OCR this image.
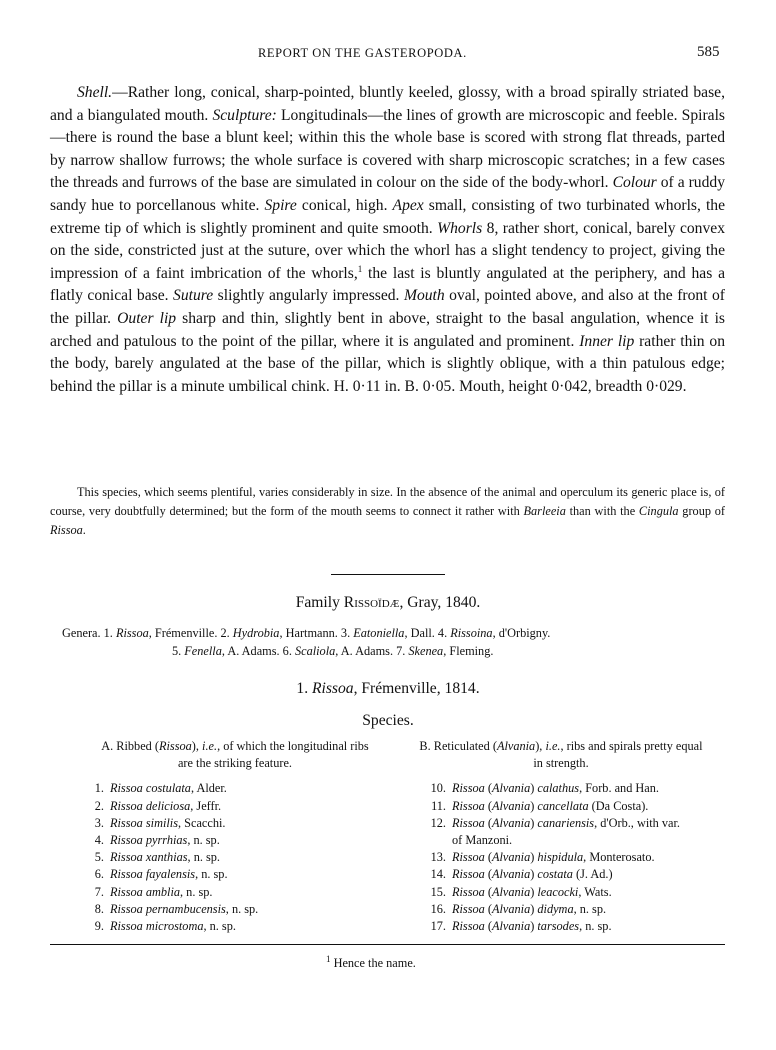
REPORT ON THE GASTEROPODA.	585

Shell.—Rather long, conical, sharp-pointed, bluntly keeled, glossy, with a broad spirally striated base, and a biangulated mouth. Sculpture: Longitudinals—the lines of growth are microscopic and feeble. Spirals—there is round the base a blunt keel; within this the whole base is scored with strong flat threads, parted by narrow shallow furrows; the whole surface is covered with sharp microscopic scratches; in a few cases the threads and furrows of the base are simulated in colour on the side of the body-whorl. Colour of a ruddy sandy hue to porcellanous white. Spire conical, high. Apex small, consisting of two turbinated whorls, the extreme tip of which is slightly prominent and quite smooth. Whorls 8, rather short, conical, barely convex on the side, constricted just at the suture, over which the whorl has a slight tendency to project, giving the impression of a faint imbrication of the whorls,$^1$ the last is bluntly angulated at the periphery, and has a flatly conical base. Suture slightly angularly impressed. Mouth oval, pointed above, and also at the front of the pillar. Outer lip sharp and thin, slightly bent in above, straight to the basal angulation, whence it is arched and patulous to the point of the pillar, where it is angulated and prominent. Inner lip rather thin on the body, barely angulated at the base of the pillar, which is slightly oblique, with a thin patulous edge; behind the pillar is a minute umbilical chink. H. 0·11 in. B. 0·05. Mouth, height 0·042, breadth 0·029.

This species, which seems plentiful, varies considerably in size. In the absence of the animal and operculum its generic place is, of course, very doubtfully determined; but the form of the mouth seems to connect it rather with Barleeia than with the Cingula group of Rissoa.

Family Rissoïdæ, Gray, 1840.
Genera. 1. Rissoa, Frémenville. 2. Hydrobia, Hartmann. 3. Eatoniella, Dall. 4. Rissoina, d'Orbigny.
5. Fenella, A. Adams. 6. Scaliola, A. Adams. 7. Skenea, Fleming.
1. Rissoa, Frémenville, 1814.
Species.
A. Ribbed (Rissoa), i.e., of which the longitudinal ribs are the striking feature.
1. Rissoa costulata, Alder.
2. Rissoa deliciosa, Jeffr.
3. Rissoa similis, Scacchi.
4. Rissoa pyrrhias, n. sp.
5. Rissoa xanthias, n. sp.
6. Rissoa fayalensis, n. sp.
7. Rissoa amblia, n. sp.
8. Rissoa pernambucensis, n. sp.
9. Rissoa microstoma, n. sp.
B. Reticulated (Alvania), i.e., ribs and spirals pretty equal in strength.
10. Rissoa (Alvania) calathus, Forb. and Han.
11. Rissoa (Alvania) cancellata (Da Costa).
12. Rissoa (Alvania) canariensis, d'Orb., with var.
of Manzoni.
13. Rissoa (Alvania) hispidula, Monterosato.
14. Rissoa (Alvania) costata (J. Ad.)
15. Rissoa (Alvania) leacocki, Wats.
16. Rissoa (Alvania) didyma, n. sp.
17. Rissoa (Alvania) tarsodes, n. sp.
$^1$ Hence the name.
